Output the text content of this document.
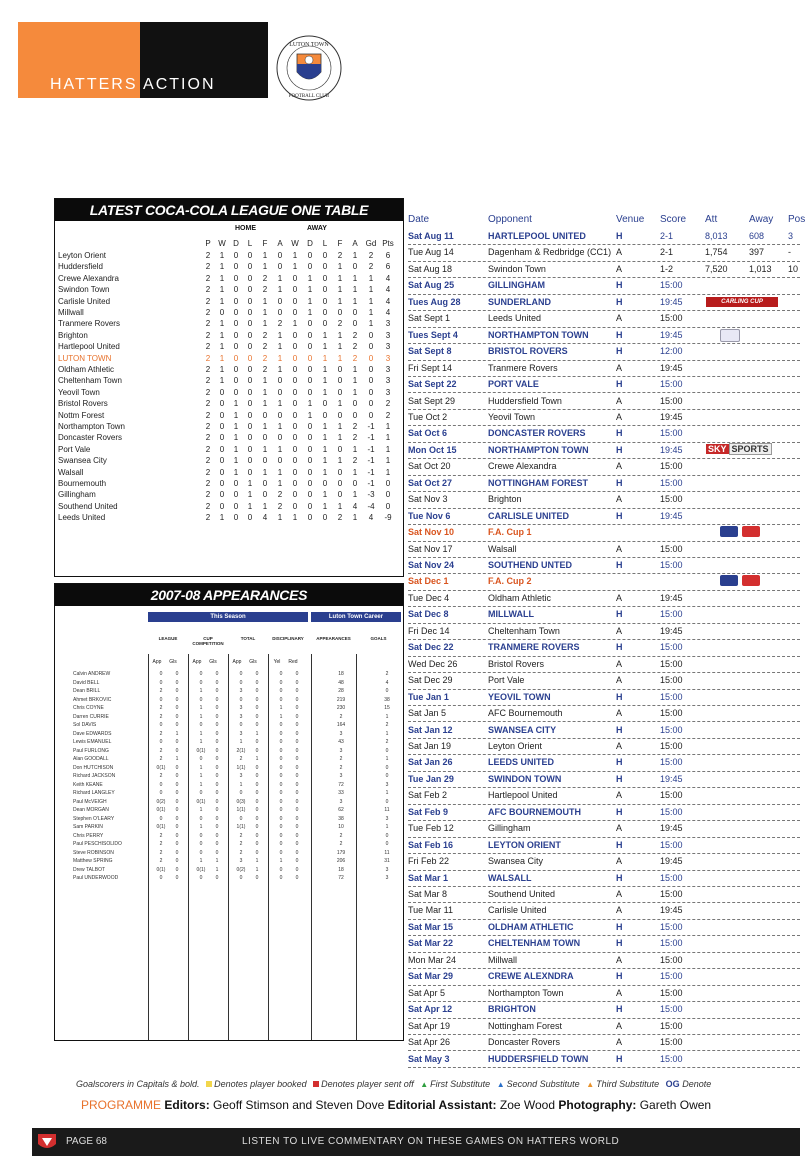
HATTERS ACTION
LUTON TOWN
FOOTBALL CLUB
LATEST COCA-COLA LEAGUE ONE TABLE
HOME	AWAY
P W D	L	F	A	W	D	L	F	A Gd Pts
Leyton Orient	2	1	0	0	1	0	1	0	0	2	1	2	6
Huddersfield	2	1	0	0	1	0	1	0	0	1	0	2	6
Crewe Alexandra	2	1	0	0	2	1	0	1	0	1	1	1	4
Swindon Town	2	1	0	0	2	1	0	1	0	1	1	1	4
Carlisle United	2	1	0	0	1	0	0	1	0	1	1	1	4
Millwall	2	0	0	0	1	0	0	1	0	0	0	1	4
Tranmere Rovers	2	1	0	0	1	2	1	0	0	2	0	1	3
Brighton	2	1	0	0	2	1	0	0	1	1	2	0	3
Hartlepool United	2	1	0	0	2	1	0	0	1	1	2	0	3
LUTON TOWN	2	1	0	0	2	1	0	0	1	1	2	0	3
Oldham Athletic	2	1	0	0	2	1	0	0	1	0	1	0	3
Cheltenham Town	2	1	0	0	1	0	0	0	1	0	1	0	3
Yeovil Town	2	0	0	0	1	0	0	0	1	0	1	0	3
Bristol Rovers	2	0	1	0	1	1	0	1	0	1	0	0	2
Nottm Forest	2	0	1	0	0	0	0	1	0	0	0	0	2
Northampton Town	2	0	1	0	1	1	0	0	1	1	2	-1	1
Doncaster Rovers	2	0	1	0	0	0	0	0	1	1	2	-1	1
Port Vale	2	0	1	0	1	1	0	0	1	0	1	-1	1
Swansea City	2	0	1	0	0	0	0	0	1	1	2	-1	1
Walsall	2	0	1	0	1	1	0	0	1	0	1	-1	1
Bournemouth	2	0	0	1	0	1	0	0	0	0	0	-1	0
Gillingham	2	0	0	1	0	2	0	0	1	0	1	-3	0
Southend United	2	0	0	1	1	2	0	0	1	1	4	-4	0
Leeds United	2	1	0	0	4	1	1	0	0	2	1	4	-9
2007-08 APPEARANCES
This Season	Luton Town Career
LEAGUE	CUP COMPETITION
TOTAL	DISCIPLINARY	APPEARANCES	GOALS
App	Gls	App	Gls	App	Gls	Yel	Red
Calvin ANDREW	0	0	0	0	0	0	0	0	18	2
David BELL	0	0	0	0	0	0	0	0	48	4
Dean BRILL	2	0	1	0	3	0	0	0	28	0
Ahmet BRKOVIC	0	0	0	0	0	0	0	0	219	38
Chris COYNE	2	0	1	0	3	0	1	0	230	15
Darren CURRIE	2	0	1	0	3	0	1	0	2	1
Sol DAVIS	0	0	0	0	0	0	0	0	164	2
Dave EDWARDS	2	1	1	0	3	1	0	0	3	1
Lewis EMANUEL	0	0	1	0	1	0	0	0	43	2
Paul FURLONG	2	0	0(1)	0	2(1)	0	0	0	3	0
Alan GOODALL	2	1	0	0	2	1	0	0	2	1
Don HUTCHISON	0(1)	0	1	0	1(1)	0	0	0	2	0
Richard JACKSON	2	0	1	0	3	0	0	0	3	0
Keith KEANE	0	0	1	0	1	0	0	0	72	3
Richard LANGLEY	0	0	0	0	0	0	0	0	33	1
Paul McVEIGH	0(2)	0	0(1)	0	0(3)	0	0	0	3	0
Dean MORGAN	0(1)	0	1	0	1(1)	0	0	0	62	11
Stephen O'LEARY	0	0	0	0	0	0	0	0	38	3
Sam PARKIN	0(1)	0	1	0	1(1)	0	0	0	10	1
Chris PERRY	2	0	0	0	2	0	0	0	2	0
Paul PESCHISOLIDO	2	0	0	0	2	0	0	0	2	0
Steve ROBINSON	2	0	0	0	2	0	0	0	179	11
Matthew SPRING	2	0	1	1	3	1	1	0	206	31
Drew TALBOT	0(1)	0	0(1)	1	0(2)	1	0	0	18	3
Paul UNDERWOOD	0	0	0	0	0	0	0	0	72	3
Date	Opponent	Venue Score Att	Away Pos
Sat Aug 11	HARTLEPOOL UNITED	H	2-1	8,013 608	3
Tue Aug 14	Dagenham & Redbridge (CC1) A	2-1	1,754 397	-
Sat Aug 18	Swindon Town	A	1-2	7,520 1,013 10
Sat Aug 25	GILLINGHAM	H	15:00
Tues Aug 28	SUNDERLAND	H	19:45	CARLING CUP
Sat Sept 1	Leeds United	A	15:00
Tues Sept 4	NORTHAMPTON TOWN	H	19:45
Sat Sept 8	BRISTOL ROVERS	H	12:00
Fri Sept 14	Tranmere Rovers	A	19:45
Sat Sept 22	PORT VALE	H	15:00
Sat Sept 29	Huddersfield Town	A	15:00
Tue Oct 2	Yeovil Town	A	19:45
Sat Oct 6	DONCASTER ROVERS	H	15:00
Mon Oct 15	NORTHAMPTON TOWN	H	19:45	SKY SPORTS
Sat Oct 20	Crewe Alexandra	A	15:00
Sat Oct 27	NOTTINGHAM FOREST	H	15:00
Sat Nov 3	Brighton	A	15:00
Tue Nov 6	CARLISLE UNITED	H	19:45
Sat Nov 10	F.A. Cup 1
Sat Nov 17	Walsall	A	15:00
Sat Nov 24	SOUTHEND UNTED	H	15:00
Sat Dec 1	F.A. Cup 2
Tue Dec 4	Oldham Athletic	A	19:45
Sat Dec 8	MILLWALL	H	15:00
Fri Dec 14	Cheltenham Town	A	19:45
Sat Dec 22	TRANMERE ROVERS	H	15:00
Wed Dec 26	Bristol Rovers	A	15:00
Sat Dec 29	Port Vale	A	15:00
Tue Jan 1	YEOVIL TOWN	H	15:00
Sat Jan 5	AFC Bournemouth	A	15:00
Sat Jan 12	SWANSEA CITY	H	15:00
Sat Jan 19	Leyton Orient	A	15:00
Sat Jan 26	LEEDS UNITED	H	15:00
Tue Jan 29	SWINDON TOWN	H	19:45
Sat Feb 2	Hartlepool United	A	15:00
Sat Feb 9	AFC BOURNEMOUTH	H	15:00
Tue Feb 12	Gillingham	A	19:45
Sat Feb 16	LEYTON ORIENT	H	15:00
Fri Feb 22	Swansea City	A	19:45
Sat Mar 1	WALSALL	H	15:00
Sat Mar 8	Southend United	A	15:00
Tue Mar 11	Carlisle United	A	19:45
Sat Mar 15	OLDHAM ATHLETIC	H	15:00
Sat Mar 22	CHELTENHAM TOWN	H	15:00
Mon Mar 24	Millwall	A	15:00
Sat Mar 29	CREWE ALEXNDRA	H	15:00
Sat Apr 5	Northampton Town	A	15:00
Sat Apr 12	BRIGHTON	H	15:00
Sat Apr 19	Nottingham Forest	A	15:00
Sat Apr 26	Doncaster Rovers	A	15:00
Sat May 3	HUDDERSFIELD TOWN	H	15:00
Goalscorers in Capitals & bold. Denotes player booked Denotes player sent off ▲ First Substitute ▲ Second Substitute ▲ Third Substitute OG Denote
PROGRAMME Editors: Geoff Stimson and Steven Dove Editorial Assistant: Zoe Wood Photography: Gareth Owen
PAGE 68	LISTEN TO LIVE COMMENTARY ON THESE GAMES ON HATTERS WORLD
